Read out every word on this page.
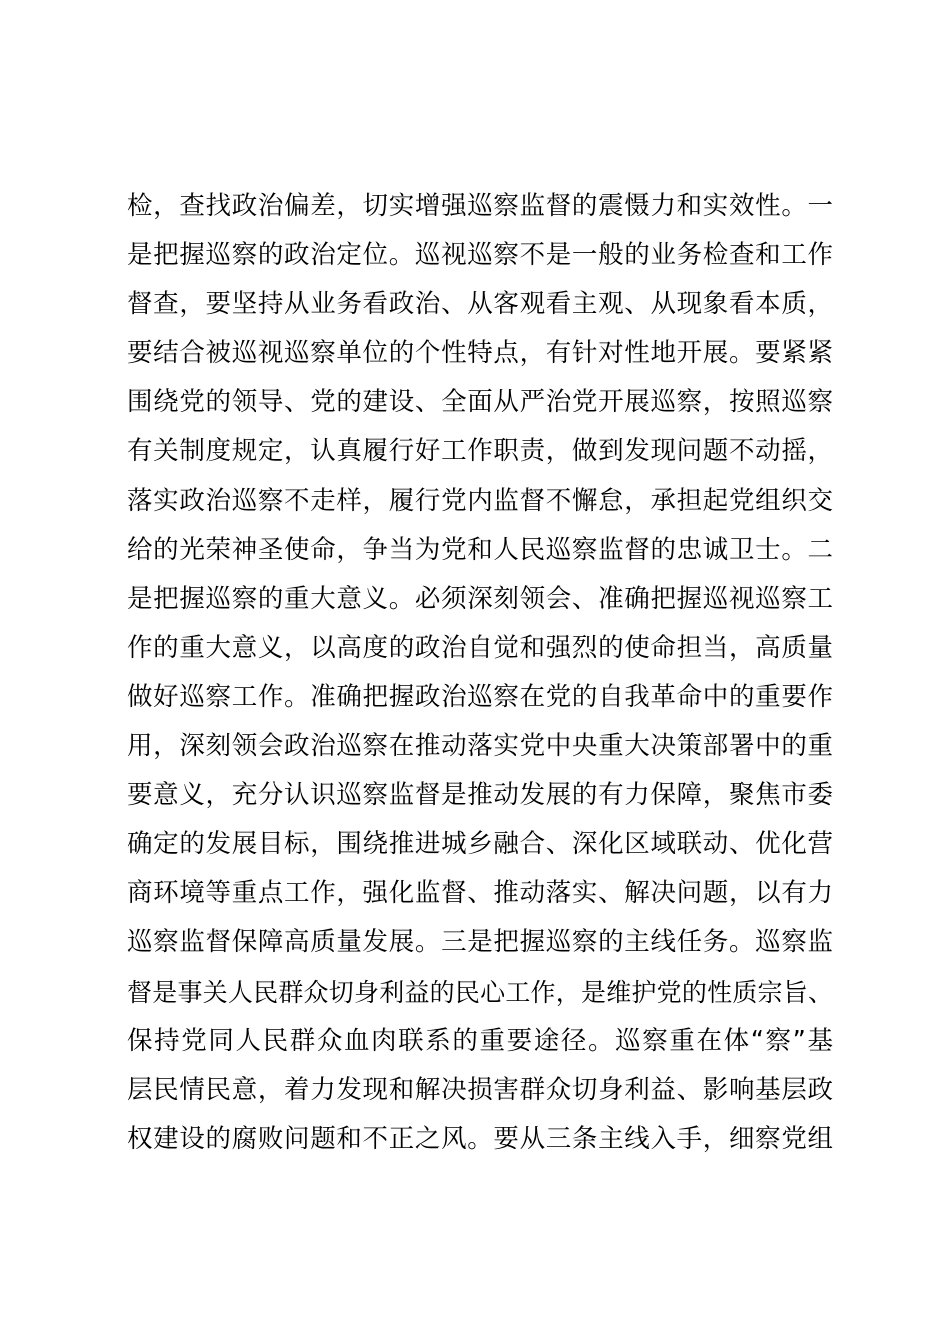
检，查找政治偏差，切实增强巡察监督的震慑力和实效性。一
是把握巡察的政治定位。巡视巡察不是一般的业务检查和工作
督查，要坚持从业务看政治、从客观看主观、从现象看本质，
要结合被巡视巡察单位的个性特点，有针对性地开展。要紧紧
围绕党的领导、党的建设、全面从严治党开展巡察，按照巡察
有关制度规定，认真履行好工作职责，做到发现问题不动摇，
落实政治巡察不走样，履行党内监督不懈怠，承担起党组织交
给的光荣神圣使命，争当为党和人民巡察监督的忠诚卫士。二
是把握巡察的重大意义。必须深刻领会、准确把握巡视巡察工
作的重大意义，以高度的政治自觉和强烈的使命担当，高质量
做好巡察工作。准确把握政治巡察在党的自我革命中的重要作
用，深刻领会政治巡察在推动落实党中央重大决策部署中的重
要意义，充分认识巡察监督是推动发展的有力保障，聚焦市委
确定的发展目标，围绕推进城乡融合、深化区域联动、优化营
商环境等重点工作，强化监督、推动落实、解决问题，以有力
巡察监督保障高质量发展。三是把握巡察的主线任务。巡察监
督是事关人民群众切身利益的民心工作，是维护党的性质宗旨、
保持党同人民群众血肉联系的重要途径。巡察重在体“察”基
层民情民意，着力发现和解决损害群众切身利益、影响基层政
权建设的腐败问题和不正之风。要从三条主线入手，细察党组
